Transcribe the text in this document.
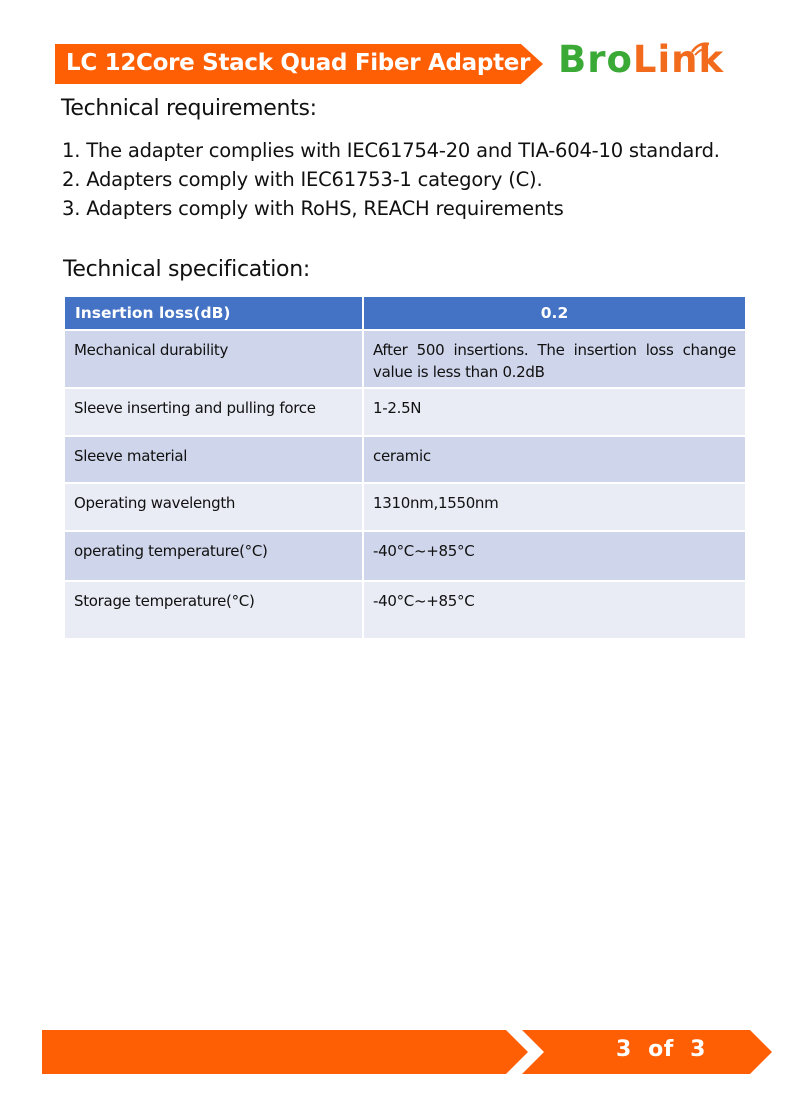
LC 12Core Stack Quad Fiber Adapter BroLink
Technical requirements:
1. The adapter complies with IEC61754-20 and TIA-604-10 standard.
2. Adapters comply with IEC61753-1 category (C).
3. Adapters comply with RoHS, REACH requirements
Technical specification:
Insertion loss(dB)	0.2
Mechanical durability	After 500 insertions. The insertion loss change value is less than 0.2dB
Sleeve inserting and pulling force	1-2.5N
Sleeve material	ceramic
Operating wavelength	1310nm,1550nm
operating temperature(°C)	-40°C~+85°C
Storage temperature(°C)	-40°C~+85°C
3  of  3
